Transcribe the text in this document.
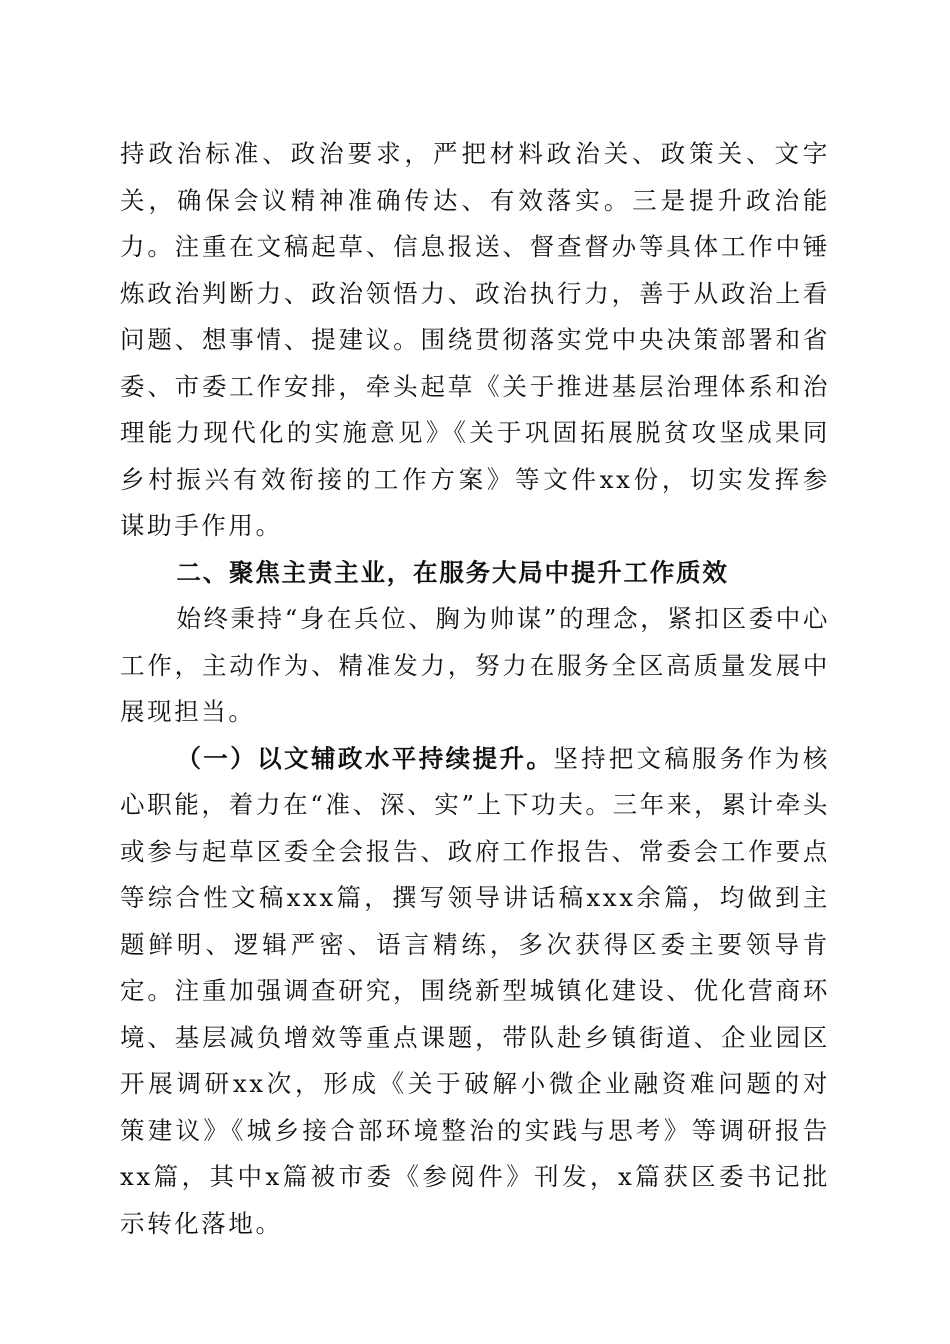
持政治标准、政治要求，严把材料政治关、政策关、文字关，确保会议精神准确传达、有效落实。三是提升政治能力。注重在文稿起草、信息报送、督查督办等具体工作中锤炼政治判断力、政治领悟力、政治执行力，善于从政治上看问题、想事情、提建议。围绕贯彻落实党中央决策部署和省委、市委工作安排，牵头起草《关于推进基层治理体系和治理能力现代化的实施意见》《关于巩固拓展脱贫攻坚成果同乡村振兴有效衔接的工作方案》等文件xx份，切实发挥参谋助手作用。

二、聚焦主责主业，在服务大局中提升工作质效

始终秉持“身在兵位、胸为帅谋”的理念，紧扣区委中心工作，主动作为、精准发力，努力在服务全区高质量发展中展现担当。

（一）以文辅政水平持续提升。坚持把文稿服务作为核心职能，着力在“准、深、实”上下功夫。三年来，累计牵头或参与起草区委全会报告、政府工作报告、常委会工作要点等综合性文稿xxx篇，撰写领导讲话稿xxx余篇，均做到主题鲜明、逻辑严密、语言精练，多次获得区委主要领导肯定。注重加强调查研究，围绕新型城镇化建设、优化营商环境、基层减负增效等重点课题，带队赴乡镇街道、企业园区开展调研xx次，形成《关于破解小微企业融资难问题的对策建议》《城乡接合部环境整治的实践与思考》等调研报告xx篇，其中x篇被市委《参阅件》刊发，x篇获区委书记批示转化落地。
